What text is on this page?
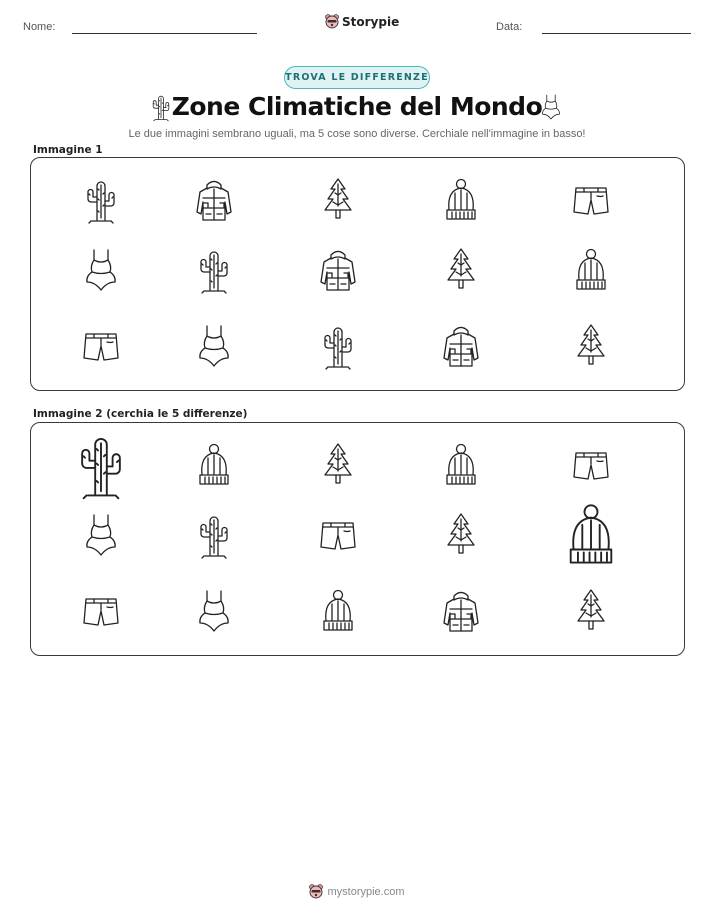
Nome:	Storypie	Data:
TROVA LE DIFFERENZE
Zone Climatiche del Mondo
Le due immagini sembrano uguali, ma 5 cose sono diverse. Cerchiale nell'immagine in basso!
Immagine 1
Immagine 2 (cerchia le 5 differenze)
mystorypie.com
